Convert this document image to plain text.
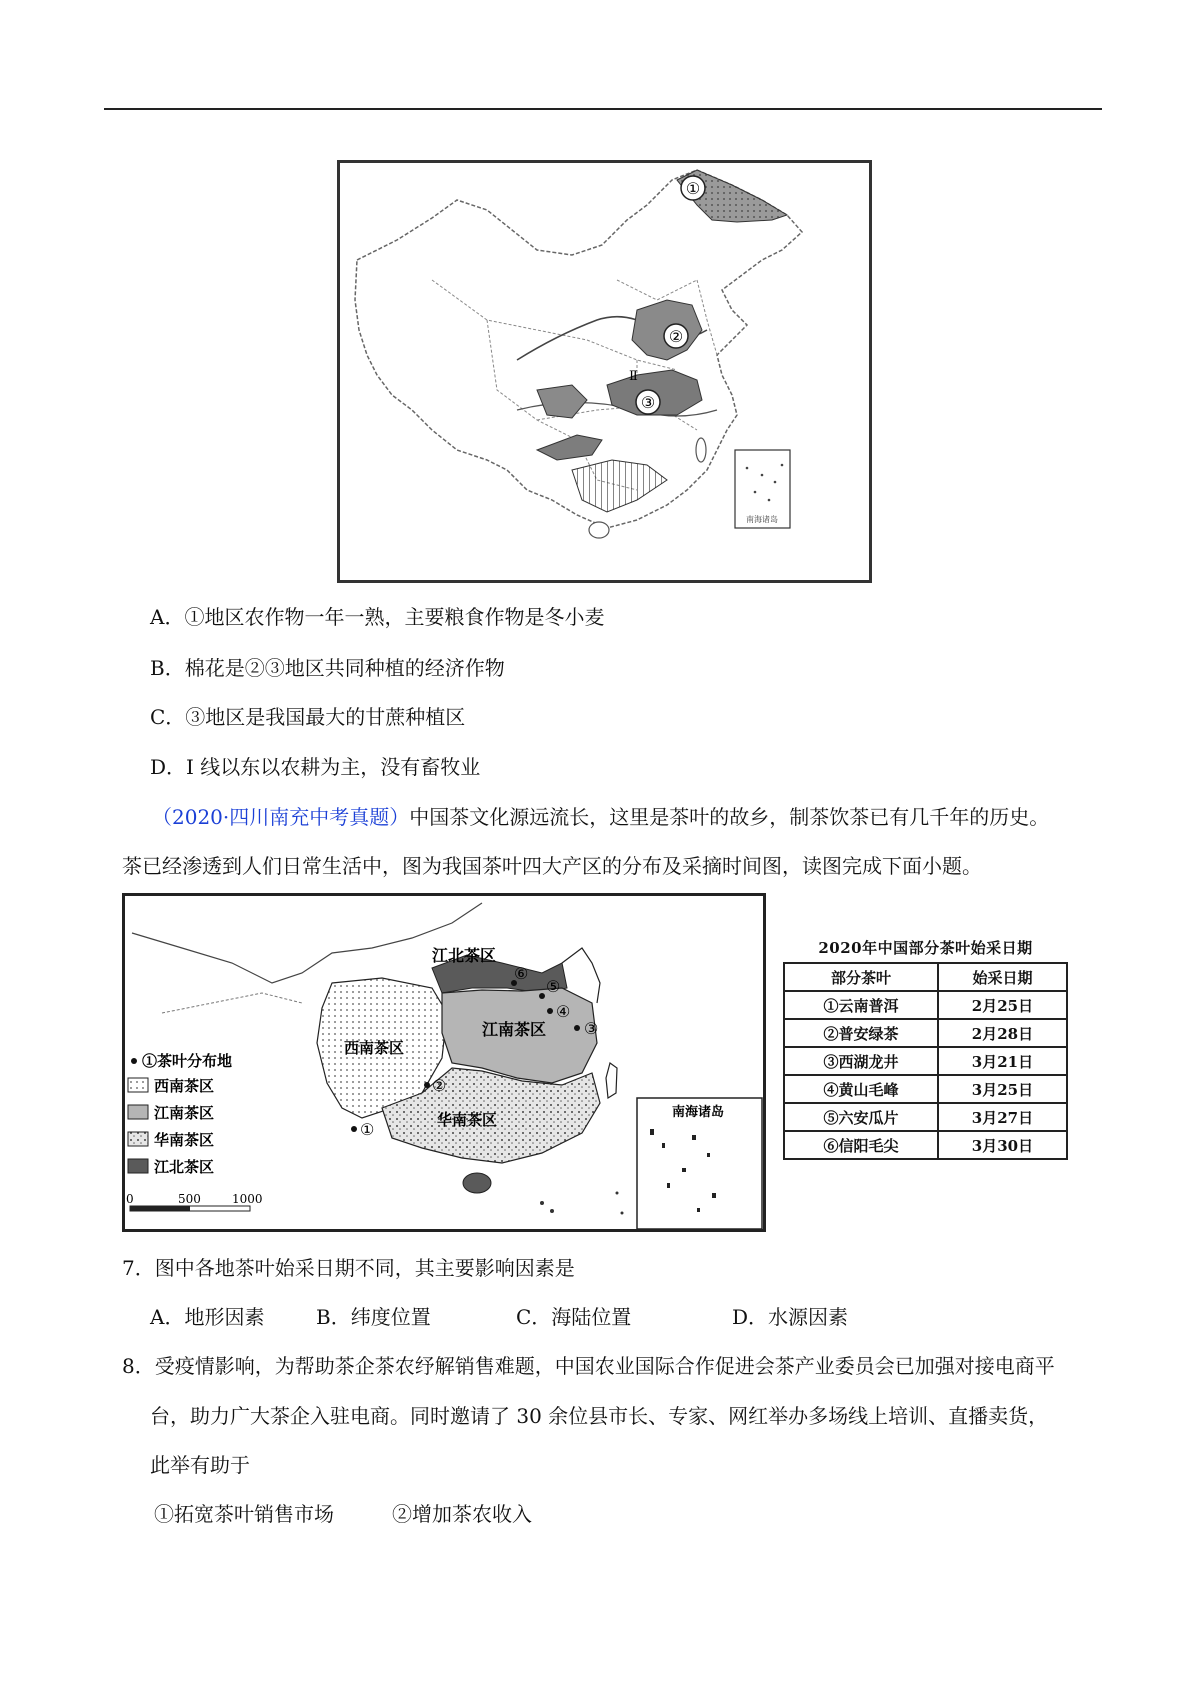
①
②
③
Ⅱ
南海诸岛
A．①地区农作物一年一熟，主要粮食作物是冬小麦
B．棉花是②③地区共同种植的经济作物
C．③地区是我国最大的甘蔗种植区
D．I 线以东以农耕为主，没有畜牧业
（2020·四川南充中考真题）中国茶文化源远流长，这里是茶叶的故乡，制茶饮茶已有几千年的历史。
茶已经渗透到人们日常生活中，图为我国茶叶四大产区的分布及采摘时间图，读图完成下面小题。
江北茶区
西南茶区
江南茶区
华南茶区
①
②
③
④
⑤
⑥
①茶叶分布地
西南茶区
江南茶区
华南茶区
江北茶区
0	500	1000
南海诸岛
2020年中国部分茶叶始采日期
部分茶叶	始采日期
①云南普洱	2月25日
②普安绿茶	2月28日
③西湖龙井	3月21日
④黄山毛峰	3月25日
⑤六安瓜片	3月27日
⑥信阳毛尖	3月30日
7．图中各地茶叶始采日期不同，其主要影响因素是
A．地形因素	B．纬度位置	C．海陆位置	D．水源因素
8．受疫情影响，为帮助茶企茶农纾解销售难题，中国农业国际合作促进会茶产业委员会已加强对接电商平
台，助力广大茶企入驻电商。同时邀请了 30 余位县市长、专家、网红举办多场线上培训、直播卖货，
此举有助于
①拓宽茶叶销售市场	②增加茶农收入
